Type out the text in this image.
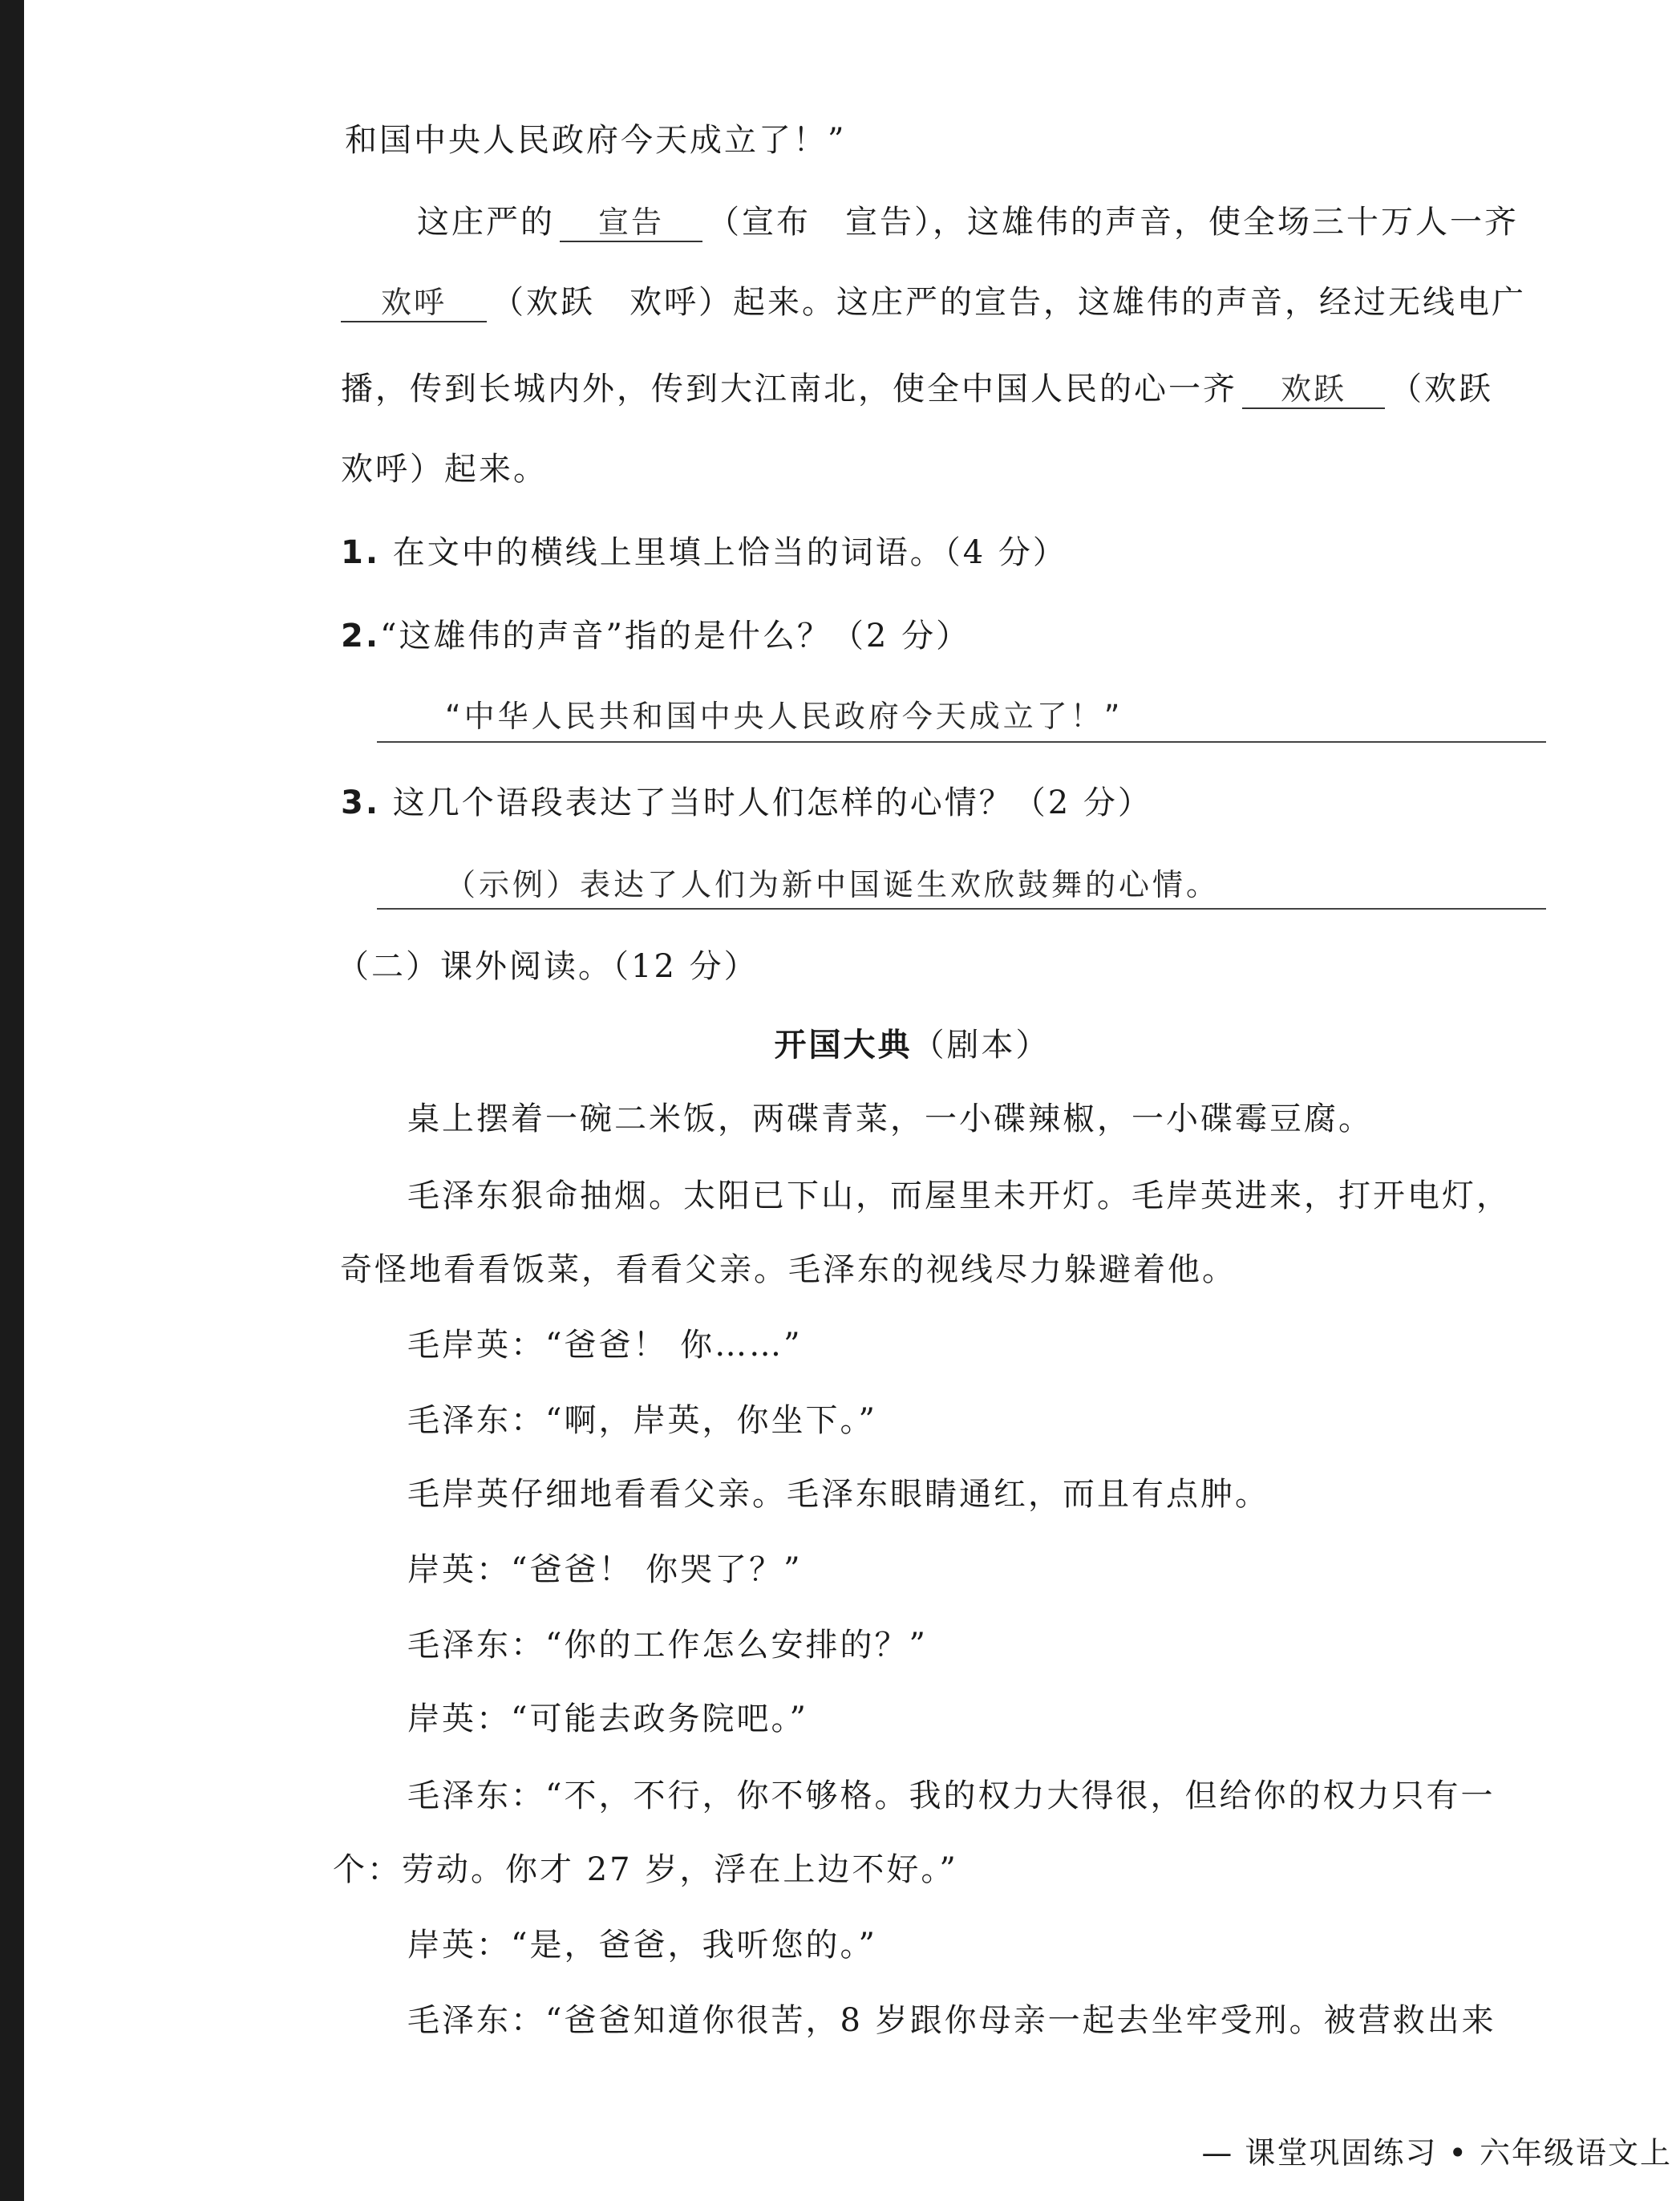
和国中央人民政府今天成立了！”
这庄严的 宣告 （宣布　宣告），这雄伟的声音，使全场三十万人一齐
欢呼 （欢跃　欢呼）起来。这庄严的宣告，这雄伟的声音，经过无线电广
播，传到长城内外，传到大江南北，使全中国人民的心一齐 欢跃 （欢跃
欢呼）起来。
1. 在文中的横线上里填上恰当的词语。（4 分）
2.“这雄伟的声音”指的是什么？（2 分）
“中华人民共和国中央人民政府今天成立了！”
3. 这几个语段表达了当时人们怎样的心情？（2 分）
（示例）表达了人们为新中国诞生欢欣鼓舞的心情。
（二）课外阅读。（12 分）
开国大典（剧本）
桌上摆着一碗二米饭，两碟青菜，一小碟辣椒，一小碟霉豆腐。
毛泽东狠命抽烟。太阳已下山，而屋里未开灯。毛岸英进来，打开电灯，
奇怪地看看饭菜，看看父亲。毛泽东的视线尽力躲避着他。
毛岸英：“爸爸！ 你……”
毛泽东：“啊，岸英，你坐下。”
毛岸英仔细地看看父亲。毛泽东眼睛通红，而且有点肿。
岸英：“爸爸！ 你哭了？”
毛泽东：“你的工作怎么安排的？”
岸英：“可能去政务院吧。”
毛泽东：“不，不行，你不够格。我的权力大得很，但给你的权力只有一
个：劳动。你才 27 岁，浮在上边不好。”
岸英：“是，爸爸，我听您的。”
毛泽东：“爸爸知道你很苦，8 岁跟你母亲一起去坐牢受刑。被营救出来
— 课堂巩固练习 • 六年级语文上
